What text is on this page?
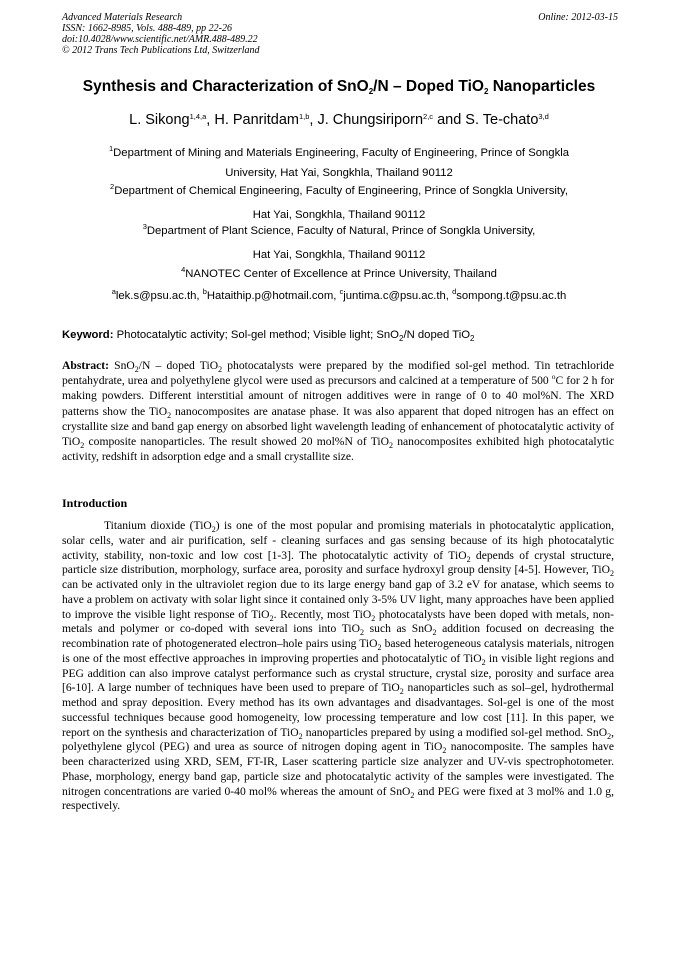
Advanced Materials Research
ISSN: 1662-8985, Vols. 488-489, pp 22-26
doi:10.4028/www.scientific.net/AMR.488-489.22
© 2012 Trans Tech Publications Ltd, Switzerland
Online: 2012-03-15
Synthesis and Characterization of SnO$_2$/N – Doped TiO$_2$ Nanoparticles
L. Sikong$^{1,4,a}$, H. Panritdam$^{1,b}$, J. Chungsiriporn$^{2,c}$ and S. Te-chato$^{3,d}$
$^1$Department of Mining and Materials Engineering, Faculty of Engineering, Prince of Songkla
University, Hat Yai, Songkhla, Thailand 90112
$^2$Department of Chemical Engineering, Faculty of Engineering, Prince of Songkla University,
Hat Yai, Songkhla, Thailand 90112
$^3$Department of Plant Science, Faculty of Natural, Prince of Songkla University,
Hat Yai, Songkhla, Thailand 90112
$^4$NANOTEC Center of Excellence at Prince University, Thailand
$^a$lek.s@psu.ac.th, $^b$Hataithip.p@hotmail.com, $^c$juntima.c@psu.ac.th, $^d$sompong.t@psu.ac.th
Keyword: Photocatalytic activity; Sol-gel method; Visible light; SnO$_2$/N doped TiO$_2$
Abstract: SnO$_2$/N – doped TiO$_2$ photocatalysts were prepared by the modified sol-gel method. Tin tetrachloride pentahydrate, urea and polyethylene glycol were used as precursors and calcined at a temperature of 500 $^o$C for 2 h for making powders. Different interstitial amount of nitrogen additives were in range of 0 to 40 mol%N. The XRD patterns show the TiO$_2$ nanocomposites are anatase phase. It was also apparent that doped nitrogen has an effect on crystallite size and band gap energy on absorbed light wavelength leading of enhancement of photocatalytic activity of TiO$_2$ composite nanoparticles. The result showed 20 mol%N of TiO$_2$ nanocomposites exhibited high photocatalytic activity, redshift in adsorption edge and a small crystallite size.
Introduction
Titanium dioxide (TiO$_2$) is one of the most popular and promising materials in photocatalytic application, solar cells, water and air purification, self - cleaning surfaces and gas sensing because of its high photocatalytic activity, stability, non-toxic and low cost [1-3]. The photocatalytic activity of TiO$_2$ depends of crystal structure, particle size distribution, morphology, surface area, porosity and surface hydroxyl group density [4-5]. However, TiO$_2$ can be activated only in the ultraviolet region due to its large energy band gap of 3.2 eV for anatase, which seems to have a problem on activaty with solar light since it contained only 3-5% UV light, many approaches have been applied to improve the visible light response of TiO$_2$. Recently, most TiO$_2$ photocatalysts have been doped with metals, non-metals and polymer or co-doped with several ions into TiO$_2$ such as SnO$_2$ addition focused on decreasing the recombination rate of photogenerated electron–hole pairs using TiO$_2$ based heterogeneous catalysis materials, nitrogen is one of the most effective approaches in improving properties and photocatalytic of TiO$_2$ in visible light regions and PEG addition can also improve catalyst performance such as crystal structure, crystal size, porosity and surface area [6-10]. A large number of techniques have been used to prepare of TiO$_2$ nanoparticles such as sol–gel, hydrothermal method and spray deposition. Every method has its own advantages and disadvantages. Sol-gel is one of the most successful techniques because good homogeneity, low processing temperature and low cost [11]. In this paper, we report on the synthesis and characterization of TiO$_2$ nanoparticles prepared by using a modified sol-gel method. SnO$_2$, polyethylene glycol (PEG) and urea as source of nitrogen doping agent in TiO$_2$ nanocomposite. The samples have been characterized using XRD, SEM, FT-IR, Laser scattering particle size analyzer and UV-vis spectrophotometer. Phase, morphology, energy band gap, particle size and photocatalytic activity of the samples were investigated. The nitrogen concentrations are varied 0-40 mol% whereas the amount of SnO$_2$ and PEG were fixed at 3 mol% and 1.0 g, respectively.
